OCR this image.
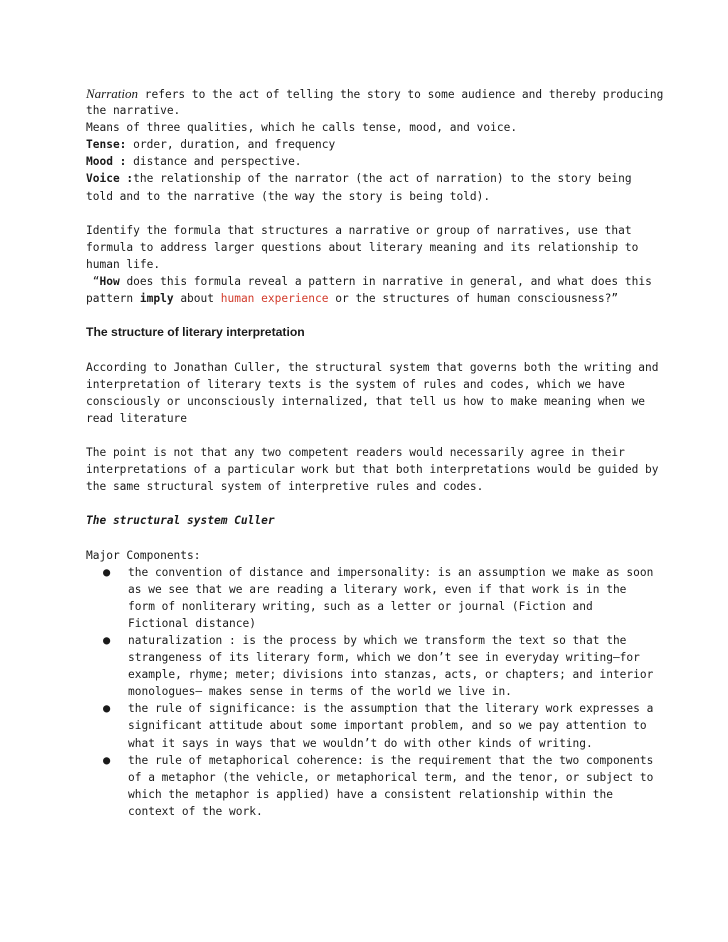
Narration refers to the act of telling the story to some audience and thereby producing
the narrative.
Means of three qualities, which he calls tense, mood, and voice.
Tense: order, duration, and frequency
Mood : distance and perspective.
Voice :the relationship of the narrator (the act of narration) to the story being
told and to the narrative (the way the story is being told).
Identify the formula that structures a narrative or group of narratives, use that
formula to address larger questions about literary meaning and its relationship to
human life.
“How does this formula reveal a pattern in narrative in general, and what does this
pattern imply about human experience or the structures of human consciousness?”
The structure of literary interpretation
According to Jonathan Culler, the structural system that governs both the writing and
interpretation of literary texts is the system of rules and codes, which we have
consciously or unconsciously internalized, that tell us how to make meaning when we
read literature
The point is not that any two competent readers would necessarily agree in their
interpretations of a particular work but that both interpretations would be guided by
the same structural system of interpretive rules and codes.
The structural system Culler
Major Components:
● the convention of distance and impersonality: is an assumption we make as soon
as we see that we are reading a literary work, even if that work is in the
form of nonliterary writing, such as a letter or journal (Fiction and
Fictional distance)
● naturalization : is the process by which we transform the text so that the
strangeness of its literary form, which we don’t see in everyday writing—for
example, rhyme; meter; divisions into stanzas, acts, or chapters; and interior
monologues— makes sense in terms of the world we live in.
● the rule of significance: is the assumption that the literary work expresses a
significant attitude about some important problem, and so we pay attention to
what it says in ways that we wouldn’t do with other kinds of writing.
● the rule of metaphorical coherence: is the requirement that the two components
of a metaphor (the vehicle, or metaphorical term, and the tenor, or subject to
which the metaphor is applied) have a consistent relationship within the
context of the work.
